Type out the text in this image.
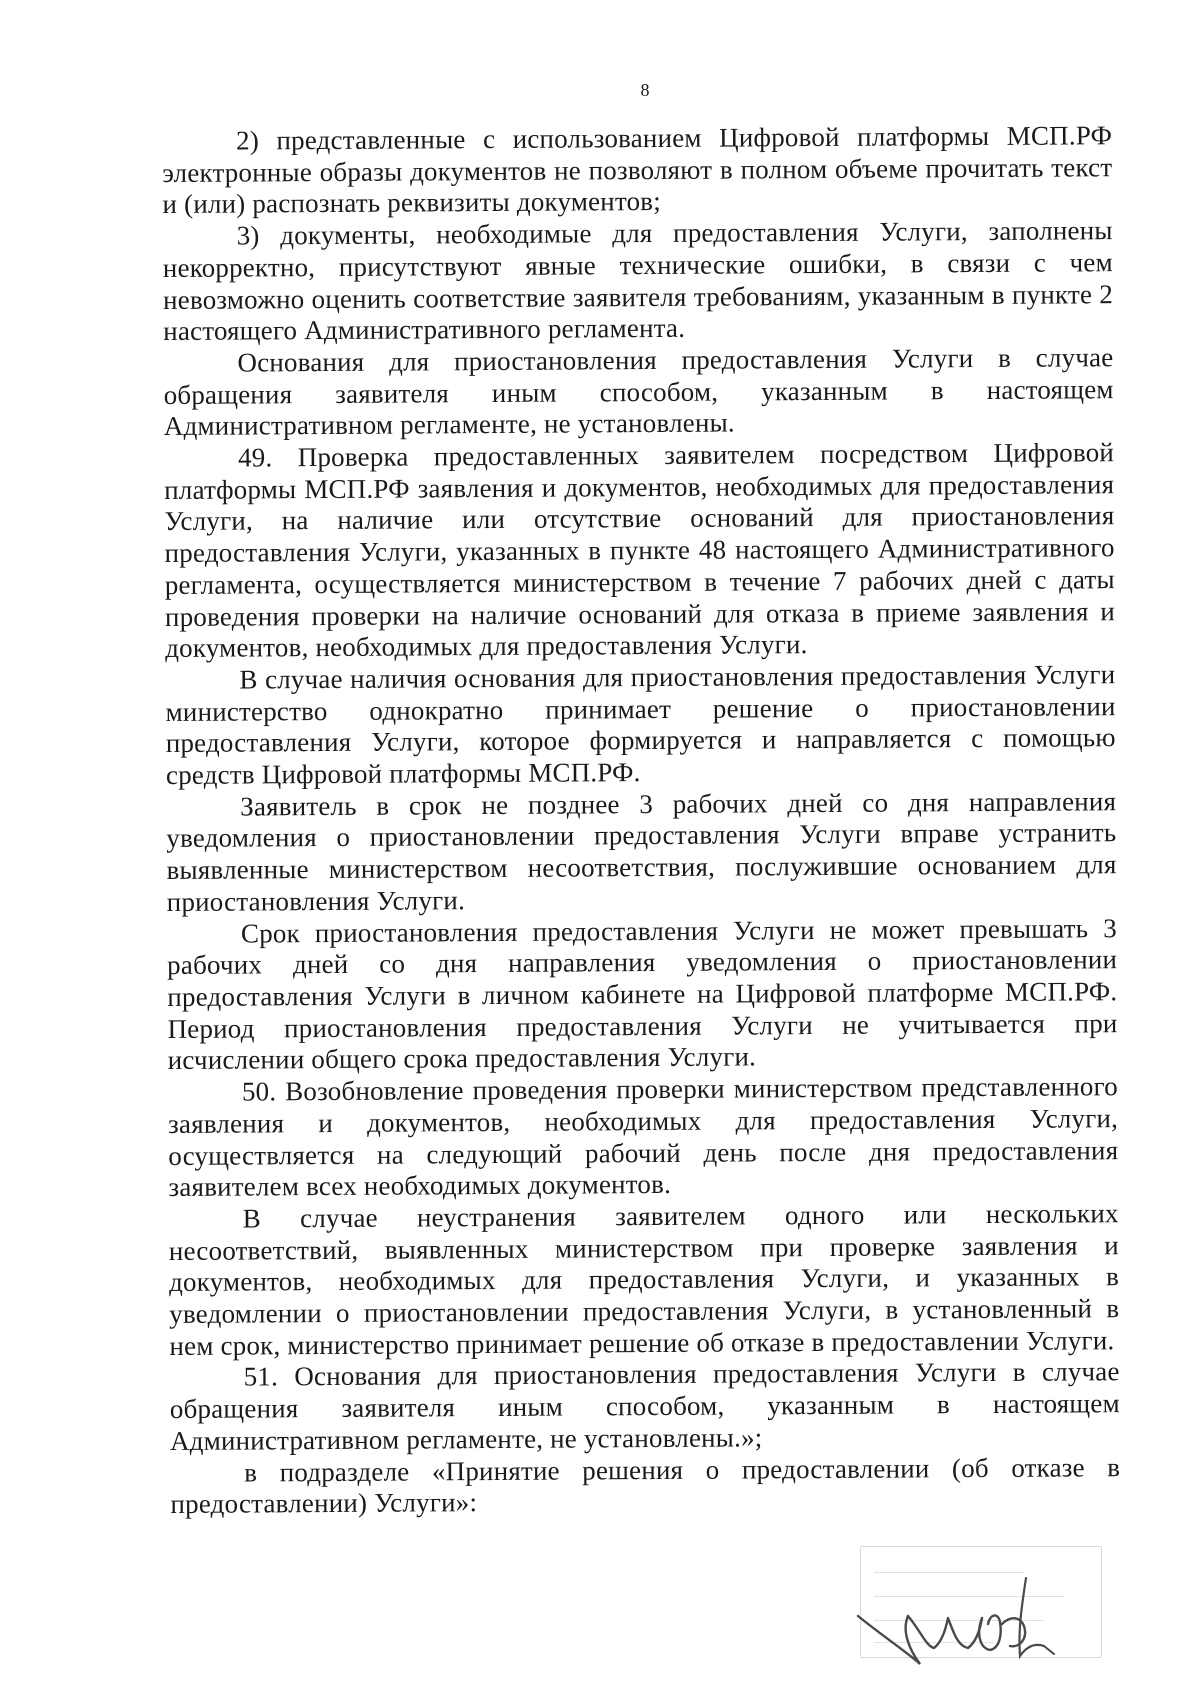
8

2) представленные с использованием Цифровой платформы МСП.РФ электронные образы документов не позволяют в полном объеме прочитать текст и (или) распознать реквизиты документов;

3) документы, необходимые для предоставления Услуги, заполнены некорректно, присутствуют явные технические ошибки, в связи с чем невозможно оценить соответствие заявителя требованиям, указанным в пункте 2 настоящего Административного регламента.

Основания для приостановления предоставления Услуги в случае обращения заявителя иным способом, указанным в настоящем Административном регламенте, не установлены.

49. Проверка предоставленных заявителем посредством Цифровой платформы МСП.РФ заявления и документов, необходимых для предоставления Услуги, на наличие или отсутствие оснований для приостановления предоставления Услуги, указанных в пункте 48 настоящего Административного регламента, осуществляется министерством в течение 7 рабочих дней с даты проведения проверки на наличие оснований для отказа в приеме заявления и документов, необходимых для предоставления Услуги.

В случае наличия основания для приостановления предоставления Услуги министерство однократно принимает решение о приостановлении предоставления Услуги, которое формируется и направляется с помощью средств Цифровой платформы МСП.РФ.

Заявитель в срок не позднее 3 рабочих дней со дня направления уведомления о приостановлении предоставления Услуги вправе устранить выявленные министерством несоответствия, послужившие основанием для приостановления Услуги.

Срок приостановления предоставления Услуги не может превышать 3 рабочих дней со дня направления уведомления о приостановлении предоставления Услуги в личном кабинете на Цифровой платформе МСП.РФ. Период приостановления предоставления Услуги не учитывается при исчислении общего срока предоставления Услуги.

50. Возобновление проведения проверки министерством представленного заявления и документов, необходимых для предоставления Услуги, осуществляется на следующий рабочий день после дня предоставления заявителем всех необходимых документов.

В случае неустранения заявителем одного или нескольких несоответствий, выявленных министерством при проверке заявления и документов, необходимых для предоставления Услуги, и указанных в уведомлении о приостановлении предоставления Услуги, в установленный в нем срок, министерство принимает решение об отказе в предоставлении Услуги.

51. Основания для приостановления предоставления Услуги в случае обращения заявителя иным способом, указанным в настоящем Административном регламенте, не установлены.»;

в подразделе «Принятие решения о предоставлении (об отказе в предоставлении) Услуги»:
